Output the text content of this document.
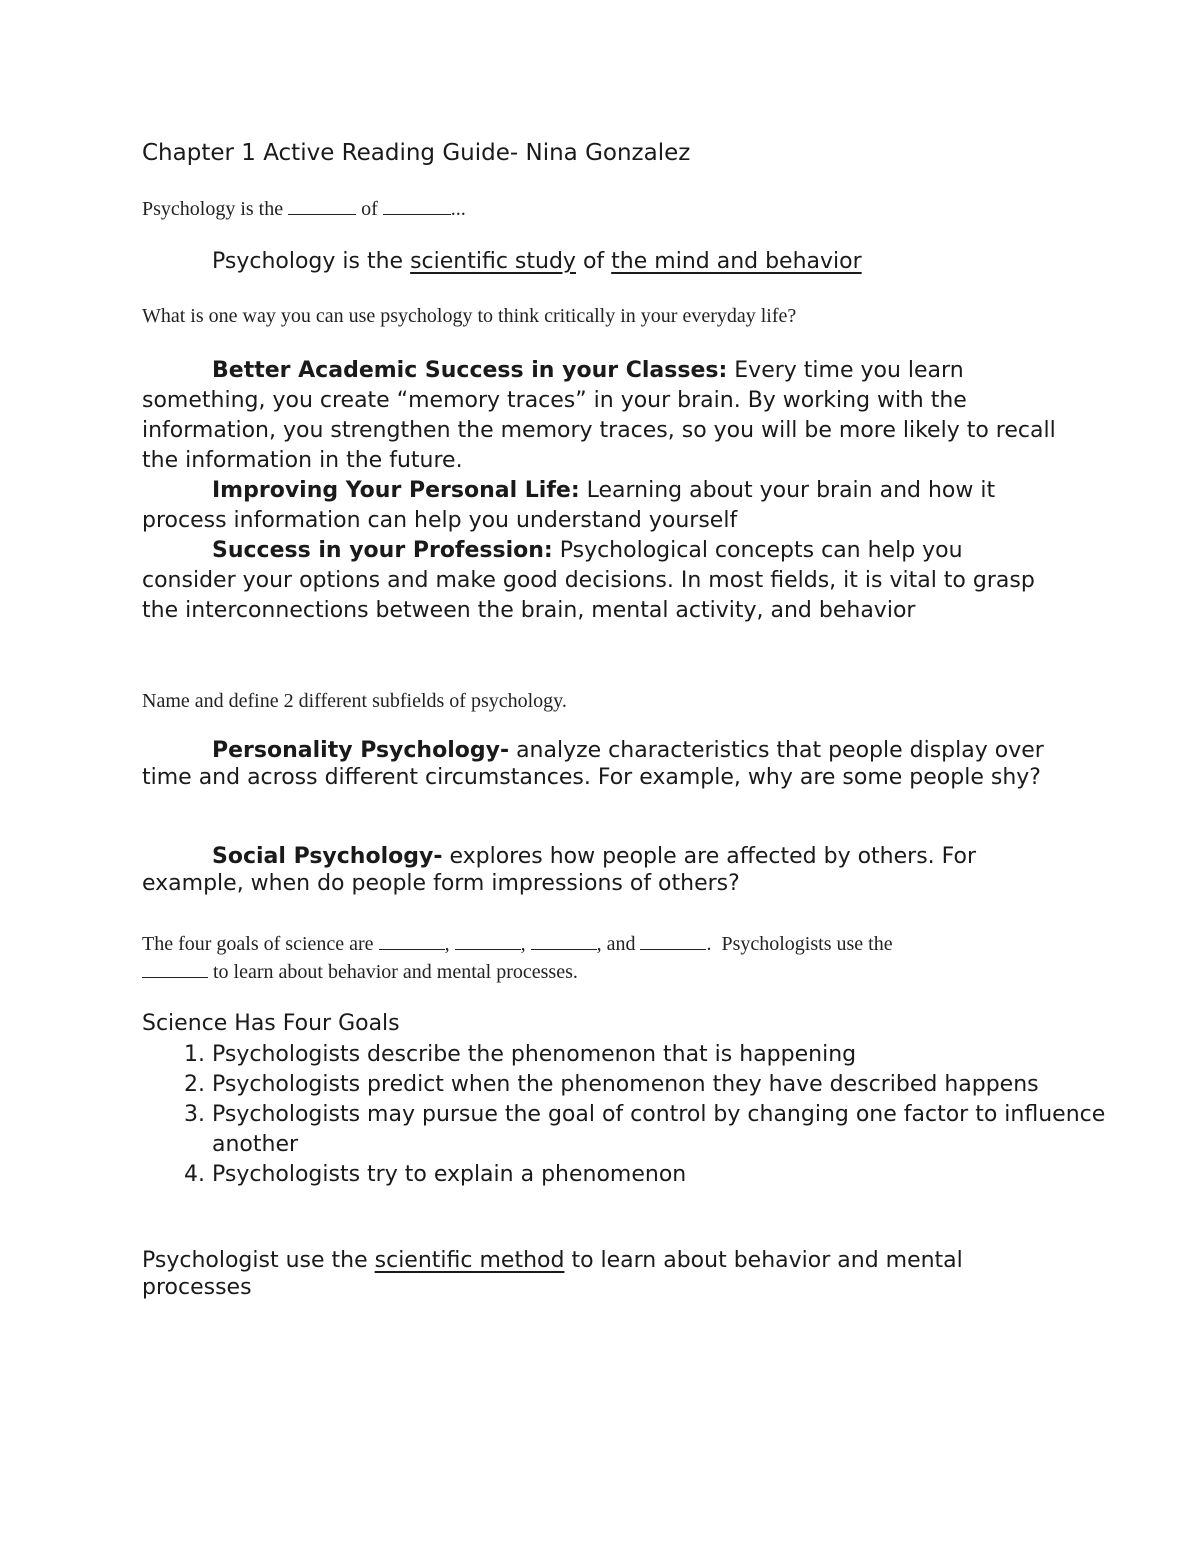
Chapter 1 Active Reading Guide- Nina Gonzalez
Psychology is the	of	...
Psychology is the scientific study of the mind and behavior
What is one way you can use psychology to think critically in your everyday life?
Better Academic Success in your Classes: Every time you learn something, you create “memory traces” in your brain. By working with the information, you strengthen the memory traces, so you will be more likely to recall the information in the future.
Improving Your Personal Life: Learning about your brain and how it process information can help you understand yourself
Success in your Profession: Psychological concepts can help you consider your options and make good decisions. In most fields, it is vital to grasp the interconnections between the brain, mental activity, and behavior
Name and define 2 different subfields of psychology.
Personality Psychology- analyze characteristics that people display over time and across different circumstances. For example, why are some people shy?
Social Psychology- explores how people are affected by others. For example, when do people form impressions of others?
The four goals of science are	,	,	, and	. Psychologists use the
to learn about behavior and mental processes.
Science Has Four Goals
1. Psychologists describe the phenomenon that is happening
2. Psychologists predict when the phenomenon they have described happens
3. Psychologists may pursue the goal of control by changing one factor to influence another
4. Psychologists try to explain a phenomenon
Psychologist use the scientific method to learn about behavior and mental processes
